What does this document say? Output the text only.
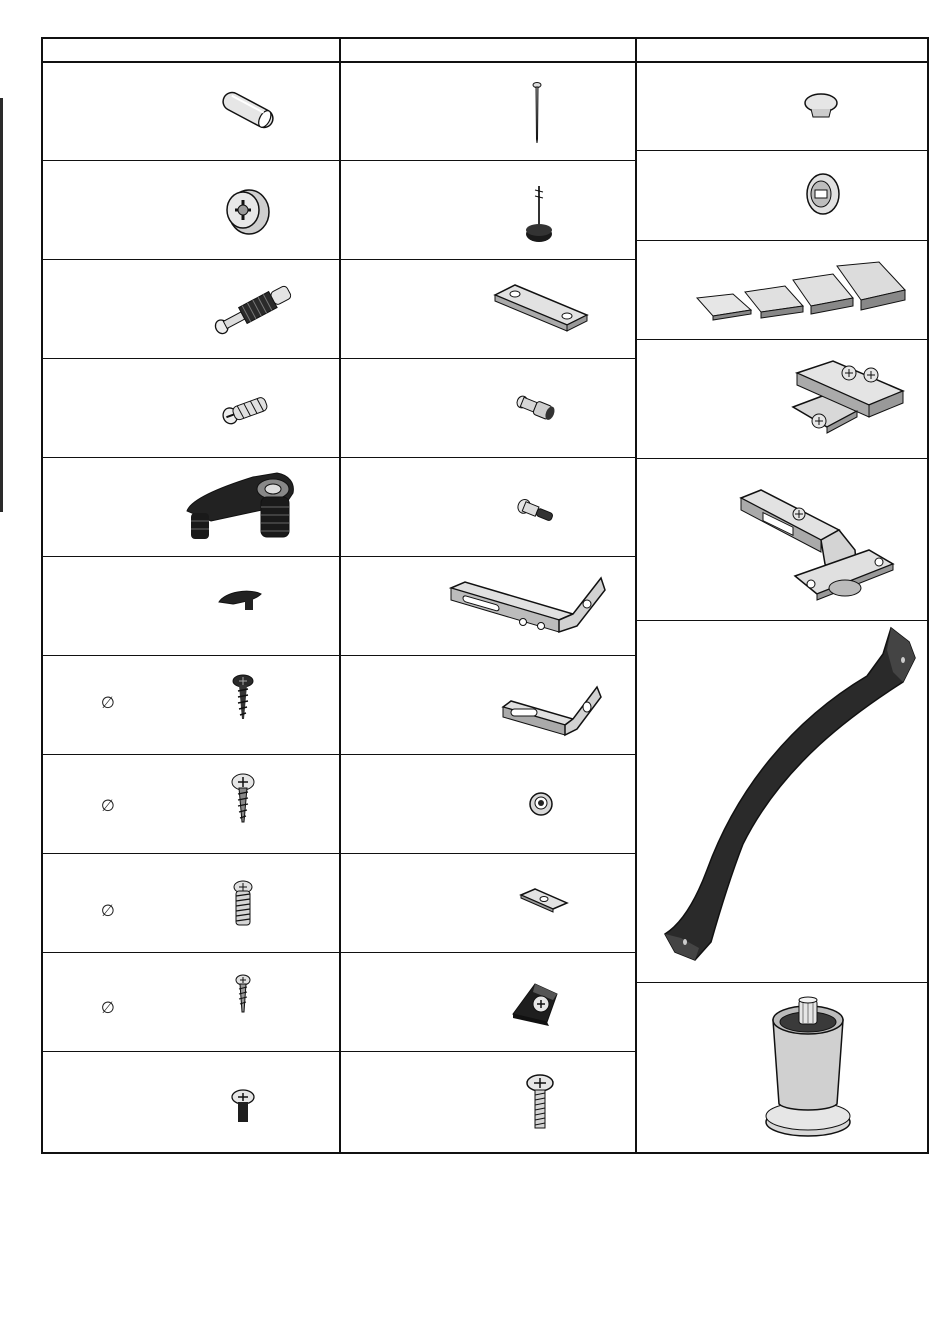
∅
∅
∅
∅
